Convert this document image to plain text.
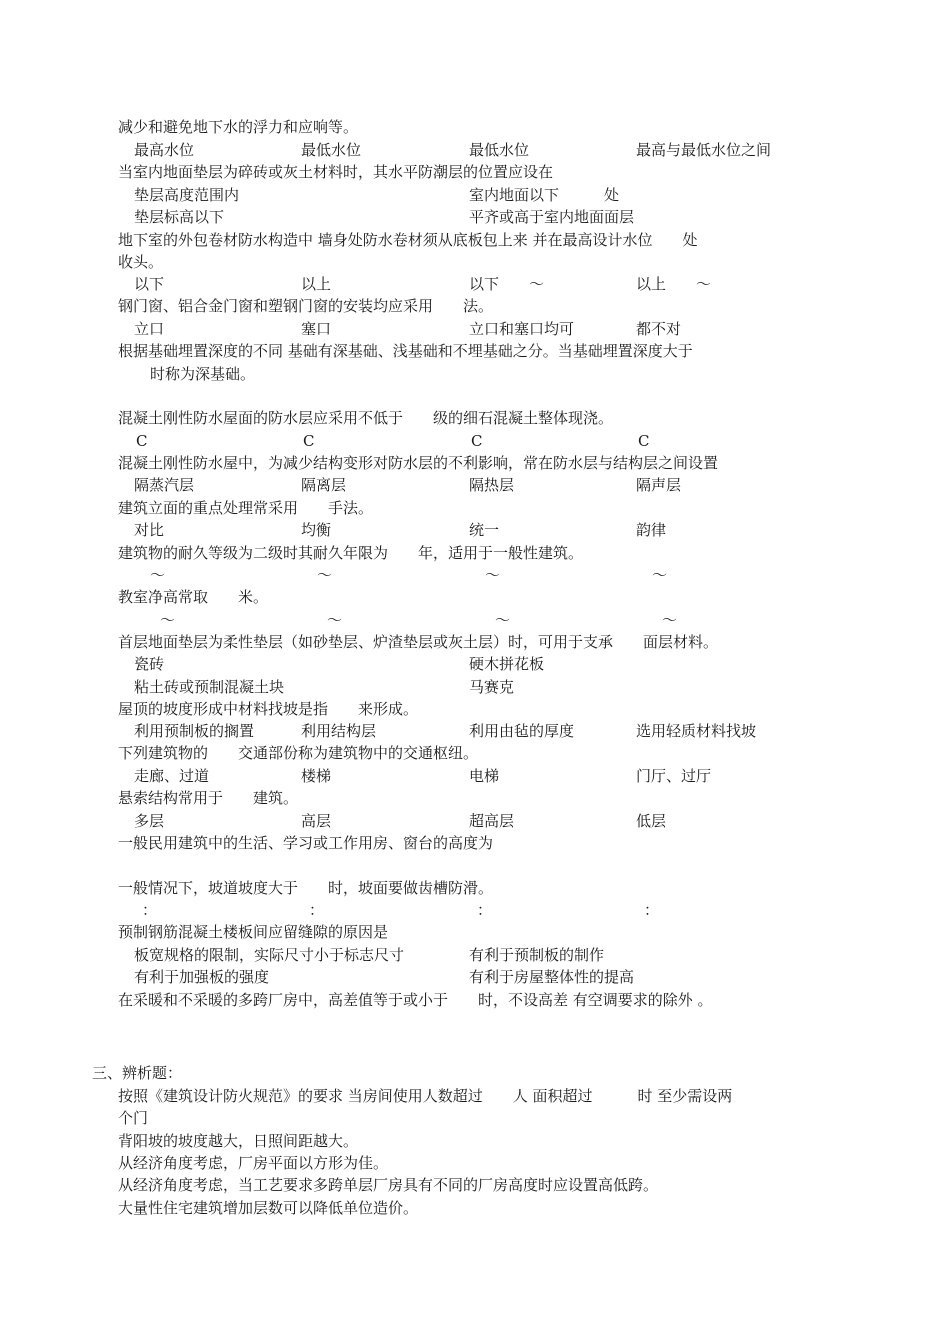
减少和避免地下水的浮力和应响等。
最高水位	最低水位	最低水位	最高与最低水位之间
当室内地面垫层为碎砖或灰土材料时，其水平防潮层的位置应设在
垫层高度范围内	室内地面以下　　　处
垫层标高以下	平齐或高于室内地面面层
地下室的外包卷材防水构造中 墙身处防水卷材须从底板包上来 并在最高设计水位　　处
收头。
以下	以上	以下　　～	以上　　～
钢门窗、铝合金门窗和塑钢门窗的安装均应采用　　法。
立口	塞口	立口和塞口均可	都不对
根据基础埋置深度的不同 基础有深基础、浅基础和不埋基础之分。当基础埋置深度大于
时称为深基础。
混凝土刚性防水屋面的防水层应采用不低于　　级的细石混凝土整体现浇。
C	C	C	C
混凝土刚性防水屋中，为减少结构变形对防水层的不利影响，常在防水层与结构层之间设置
隔蒸汽层	隔离层	隔热层	隔声层
建筑立面的重点处理常采用　　手法。
对比	均衡	统一	韵律
建筑物的耐久等级为二级时其耐久年限为　　年，适用于一般性建筑。
～	～	～	～
教室净高常取　　米。
～	～	～	～
首层地面垫层为柔性垫层（如砂垫层、炉渣垫层或灰土层）时，可用于支承　　面层材料。
瓷砖	硬木拼花板
粘土砖或预制混凝土块	马赛克
屋顶的坡度形成中材料找坡是指　　来形成。
利用预制板的搁置	利用结构层	利用由毡的厚度	选用轻质材料找坡
下列建筑物的　　交通部份称为建筑物中的交通枢纽。
走廊、过道	楼梯	电梯	门厅、过厅
悬索结构常用于　　建筑。
多层	高层	超高层	低层
一般民用建筑中的生活、学习或工作用房、窗台的高度为
一般情况下，坡道坡度大于　　时，坡面要做齿槽防滑。
：	：	：	：
预制钢筋混凝土楼板间应留缝隙的原因是
板宽规格的限制，实际尺寸小于标志尺寸	有利于预制板的制作
有利于加强板的强度	有利于房屋整体性的提高
在采暖和不采暖的多跨厂房中，高差值等于或小于　　时，不设高差 有空调要求的除外 。
三、辨析题：
按照《建筑设计防火规范》的要求 当房间使用人数超过　　人 面积超过　　　时 至少需设两
个门
背阳坡的坡度越大，日照间距越大。
从经济角度考虑，厂房平面以方形为佳。
从经济角度考虑，当工艺要求多跨单层厂房具有不同的厂房高度时应设置高低跨。
大量性住宅建筑增加层数可以降低单位造价。
